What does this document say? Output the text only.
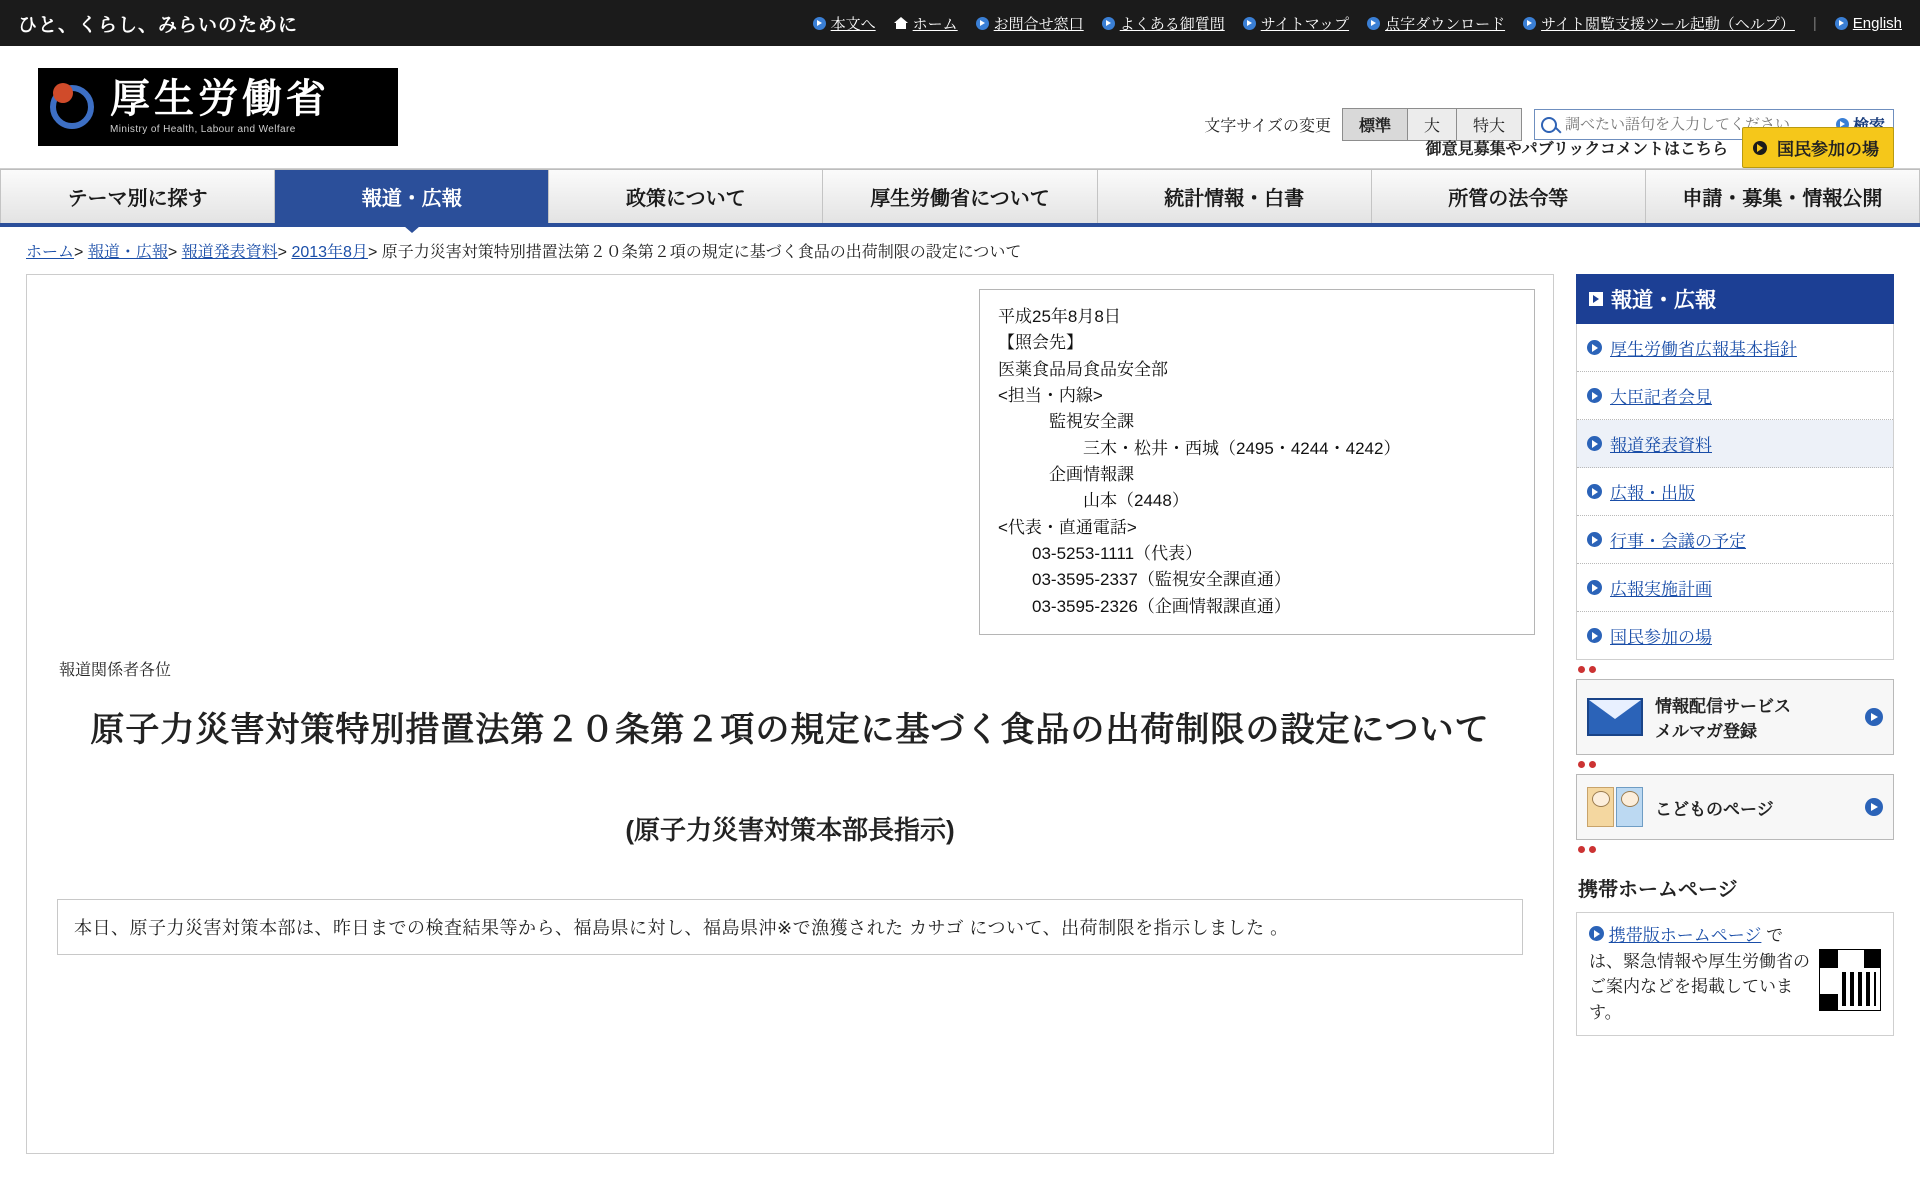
ひと、くらし、みらいのために	本文へ ホーム お問合せ窓口 よくある御質問 サイトマップ 点字ダウンロード サイト閲覧支援ツール起動（ヘルプ） | English
厚生労働省
Ministry of Health, Labour and Welfare	文字サイズの変更	標準	大	特大
調べたい語句を入力してください
御意見募集やパブリックコメントはこちら	国民参加の場
テーマ別に探す	報道・広報	政策について	厚生労働省について	統計情報・白書	所管の法令等	申請・募集・情報公開
ホーム> 報道・広報> 報道発表資料> 2013年8月> 原子力災害対策特別措置法第２０条第２項の規定に基づく食品の出荷制限の設定について
平成25年8月8日
【照会先】
医薬食品局食品安全部
<担当・内線>
　　　監視安全課
　　　　　三木・松井・西城（2495・4244・4242）
　　　企画情報課
　　　　　山本（2448）
<代表・直通電話>
　　03-5253-1111（代表）
　　03-3595-2337（監視安全課直通）
　　03-3595-2326（企画情報課直通）
報道関係者各位
原子力災害対策特別措置法第２０条第２項の規定に基づく食品の出荷制限の設定について
(原子力災害対策本部長指示)
本日、原子力災害対策本部は、昨日までの検査結果等から、福島県に対し、福島県沖※で漁獲された カサゴ について、出荷制限を指示しました 。
報道・広報
厚生労働省広報基本指針
大臣記者会見
報道発表資料
広報・出版
行事・会議の予定
広報実施計画
国民参加の場
情報配信サービス
メルマガ登録
こどものページ
携帯ホームページ
携帯版ホームページ では、緊急情報や厚生労働省のご案内などを掲載しています。
